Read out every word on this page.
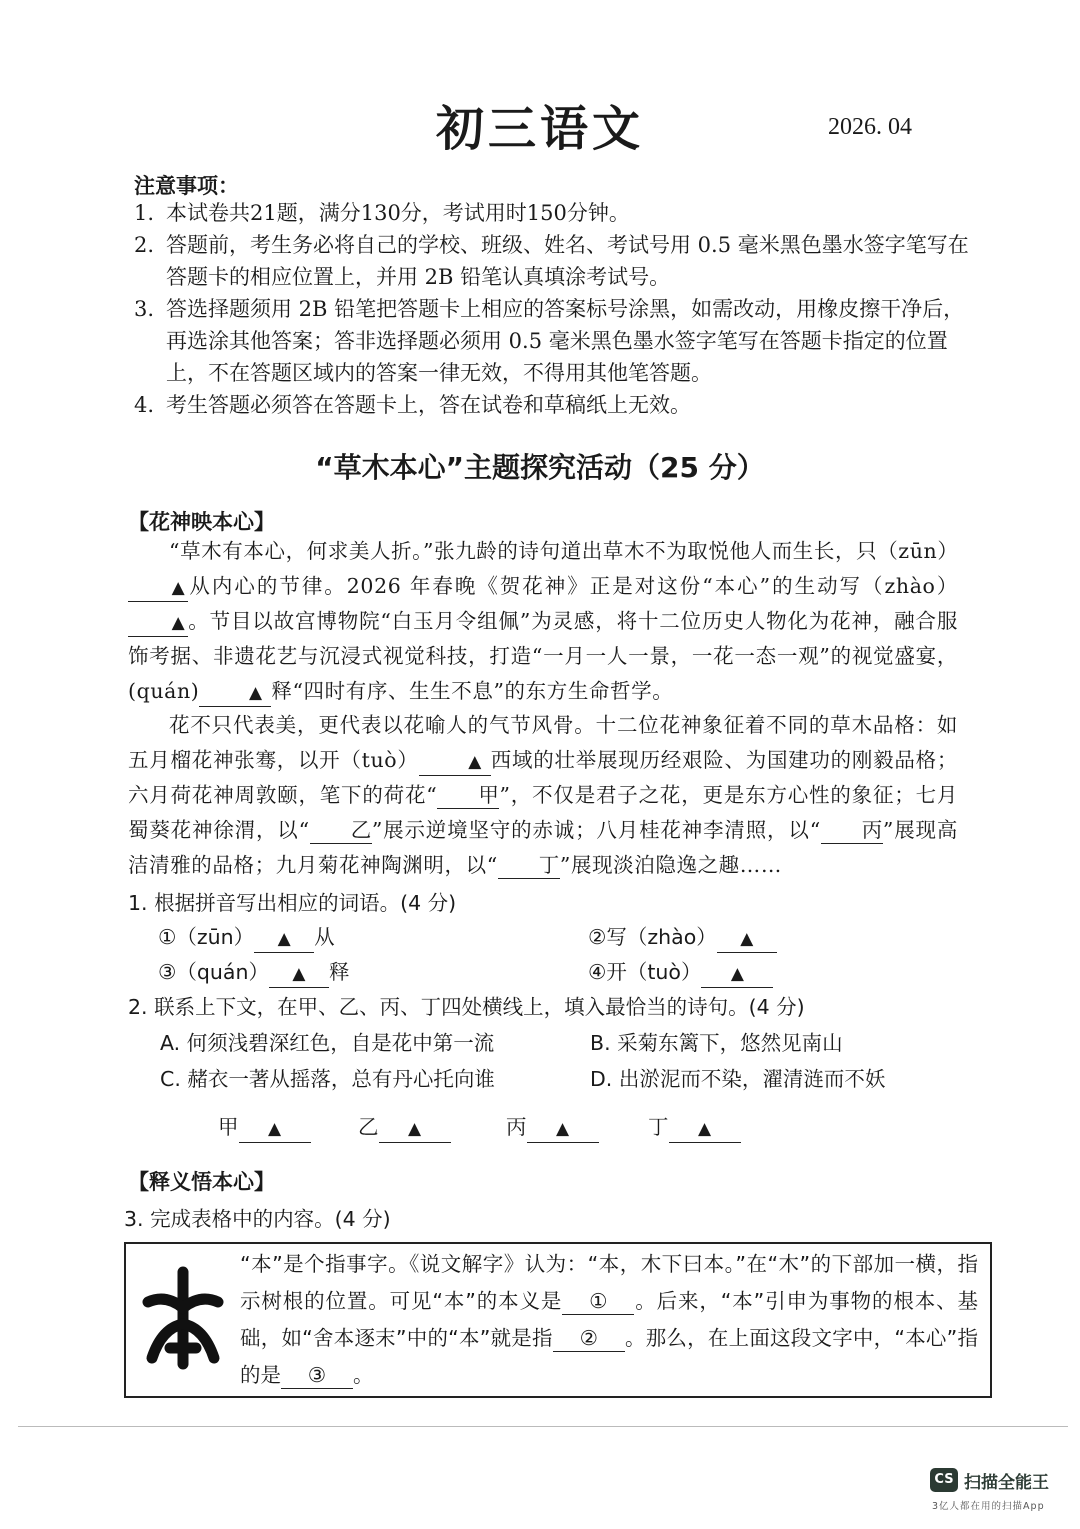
初三语文	2026. 04
注意事项：
1. 本试卷共21题，满分130分，考试用时150分钟。
2. 答题前，考生务必将自己的学校、班级、姓名、考试号用 0.5 毫米黑色墨水签字笔写在
答题卡的相应位置上，并用 2B 铅笔认真填涂考试号。
3. 答选择题须用 2B 铅笔把答题卡上相应的答案标号涂黑，如需改动，用橡皮擦干净后，
再选涂其他答案；答非选择题必须用 0.5 毫米黑色墨水签字笔写在答题卡指定的位置
上，不在答题区域内的答案一律无效，不得用其他笔答题。
4. 考生答题必须答在答题卡上，答在试卷和草稿纸上无效。
“草木本心”主题探究活动（25 分）
【花神映本心】

“草木有本心，何求美人折。”张九龄的诗句道出草木不为取悦他人而生长，只（zūn）▲ 从内心的节律。2026 年春晚《贺花神》正是对这份“本心”的生动写（zhào）▲ 。节目以故宫博物院“白玉月令组佩”为灵感，将十二位历史人物化为花神，融合服饰考据、非遗花艺与沉浸式视觉科技，打造“一月一人一景，一花一态一观”的视觉盛宴，(quán)	▲ 释“四时有序、生生不息”的东方生命哲学。

花不只代表美，更代表以花喻人的气节风骨。十二位花神象征着不同的草木品格：如五月榴花神张骞，以开（tuò）	▲ 西域的壮举展现历经艰险、为国建功的刚毅品格；六月荷花神周敦颐，笔下的荷花“ 甲”，不仅是君子之花，更是东方心性的象征；七月蜀葵花神徐渭，以“ 乙”展示逆境坚守的赤诚；八月桂花神李清照，以“ 丙”展现高洁清雅的品格；九月菊花神陶渊明，以“ 丁”展现淡泊隐逸之趣……

1. 根据拼音写出相应的词语。(4 分)
①（zūn） ▲ 从	②写（zhào） ▲
③（quán） ▲ 释	④开（tuò） ▲
2. 联系上下文，在甲、乙、丙、丁四处横线上，填入最恰当的诗句。(4 分)
A. 何须浅碧深红色，自是花中第一流	B. 采菊东篱下，悠然见南山
C. 赭衣一著从摇落，总有丹心托向谁	D. 出淤泥而不染，濯清涟而不妖
甲 ▲	乙 ▲	丙 ▲	丁 ▲
【释义悟本心】
3. 完成表格中的内容。(4 分)
“本”是个指事字。《说文解字》认为：“本，木下曰本。”在“木”的下部加一横，指示树根的位置。可见“本”的本义是 ① 。后来，“本”引申为事物的根本、基础，如“舍本逐末”中的“本”就是指 ② 。那么，在上面这段文字中，“本心”指的是 ③ 。
CS 扫描全能王
3亿人都在用的扫描App
